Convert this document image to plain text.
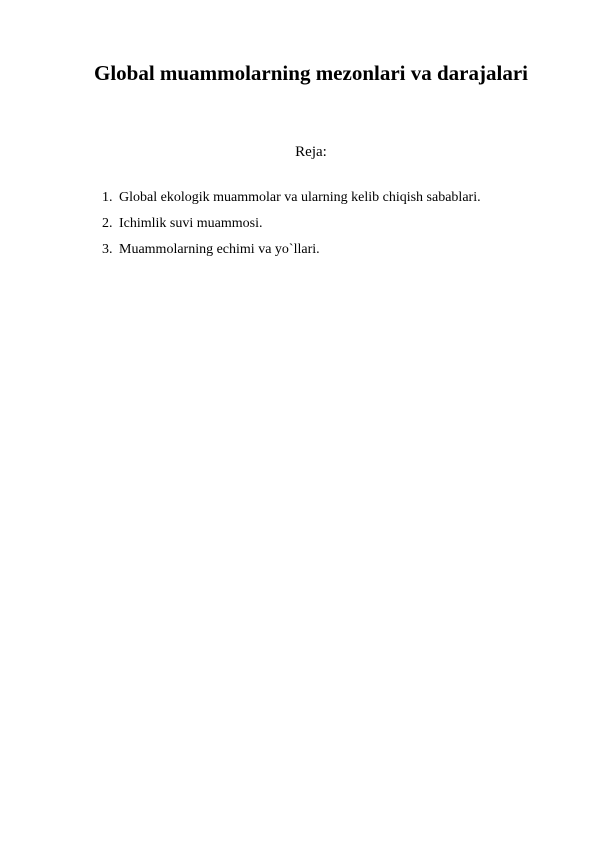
Global muammolarning mezonlari va darajalari

Reja:

1. Global ekologik muammolar va ularning kelib chiqish sabablari.
2. Ichimlik suvi muammosi.
3. Muammolarning echimi va yo`llari.
